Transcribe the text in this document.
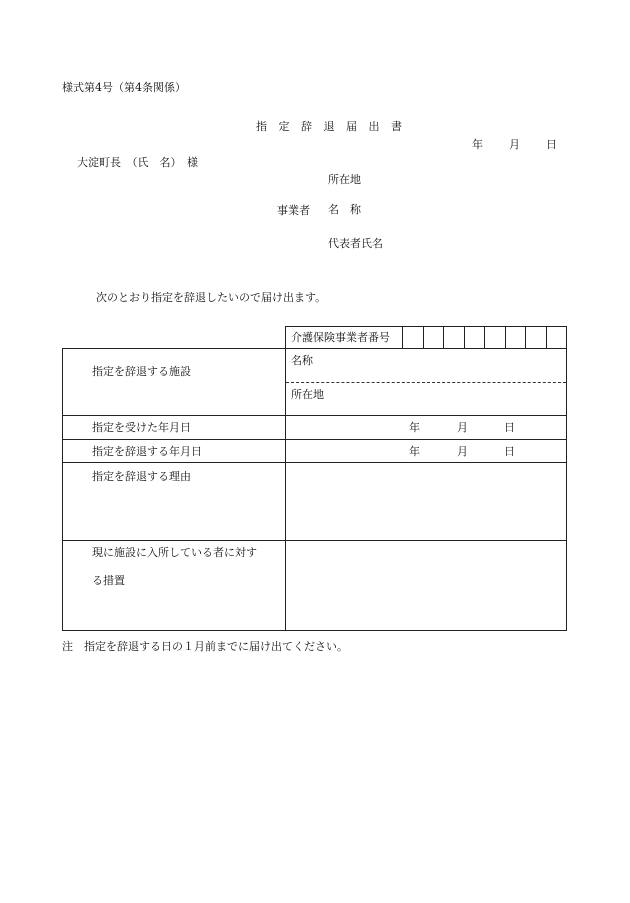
様式第4号（第4条関係）
指 定 辞 退 届 出 書
年 月 日
大淀町長　（氏　名）　様
所在地
事業者 名　称
代表者氏名
次のとおり指定を辞退したいので届け出ます。
介護保険事業者番号
指定を辞退する施設
名称
所在地
指定を受けた年月日	年	月	日
指定を辞退する年月日	年	月	日
指定を辞退する理由
現に施設に入所している者に対す
る措置
注　指定を辞退する日の１月前までに届け出てください。
